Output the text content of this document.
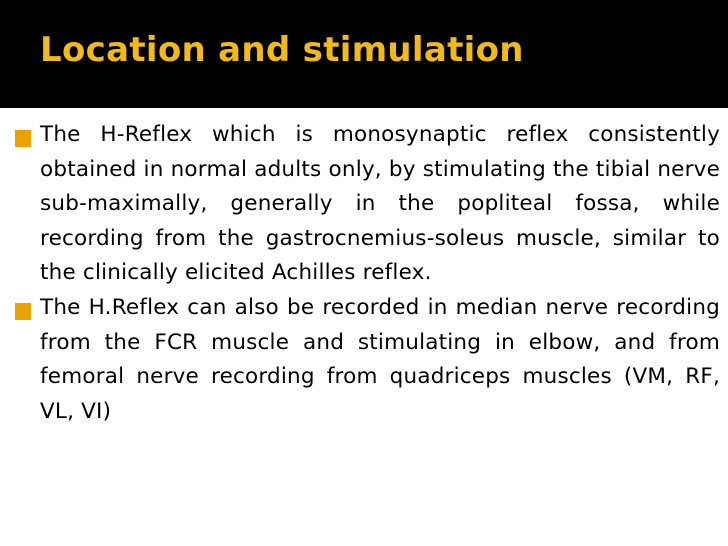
Location and stimulation
The H-Reflex which is monosynaptic reflex consistently obtained in normal adults only, by stimulating the tibial nerve sub-maximally, generally in the popliteal fossa, while recording from the gastrocnemius-soleus muscle, similar to the clinically elicited Achilles reflex.
The H.Reflex can also be recorded in median nerve recording from the FCR muscle and stimulating in elbow, and from femoral nerve recording from quadriceps muscles (VM, RF, VL, VI)
